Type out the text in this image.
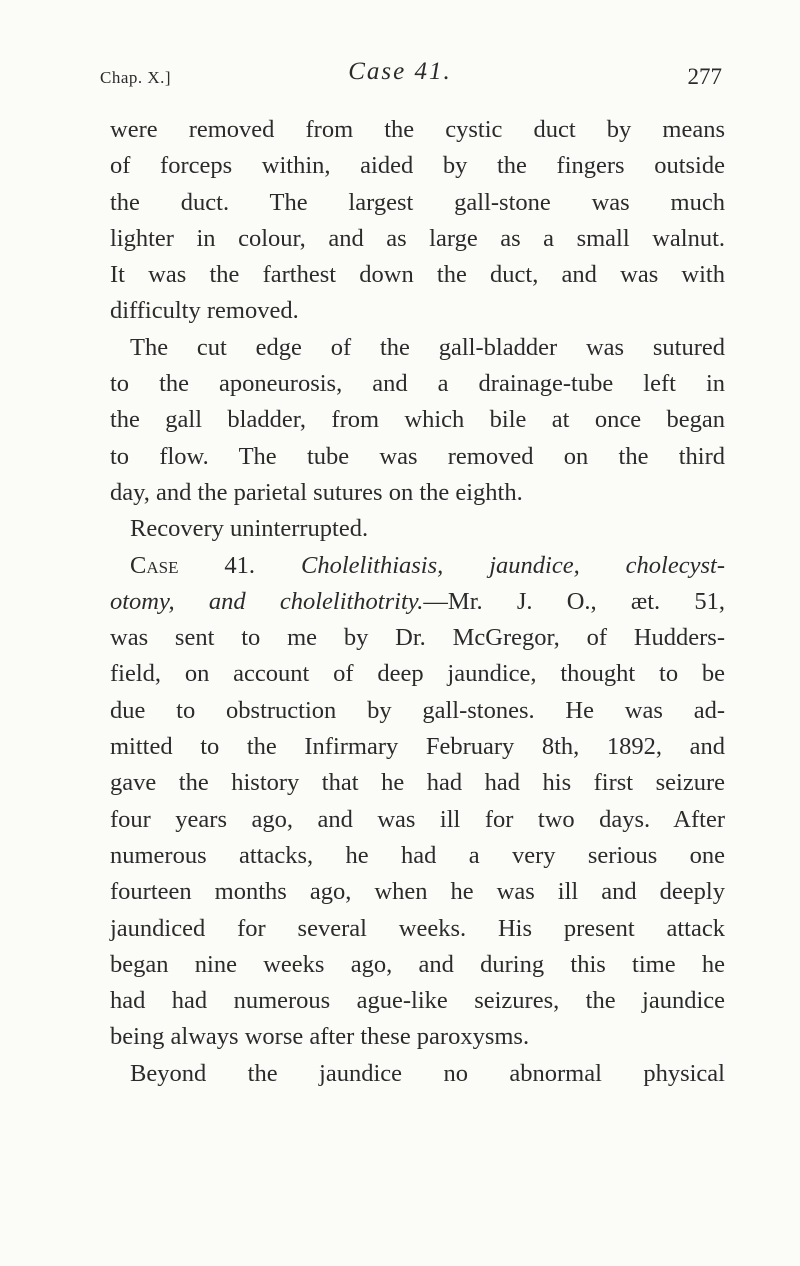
Chap. X.]	Case 41.	277
were removed from the cystic duct by means
of forceps within, aided by the fingers outside
the duct. The largest gall-stone was much
lighter in colour, and as large as a small walnut.
It was the farthest down the duct, and was with
difficulty removed.
The cut edge of the gall-bladder was sutured
to the aponeurosis, and a drainage-tube left in
the gall bladder, from which bile at once began
to flow. The tube was removed on the third
day, and the parietal sutures on the eighth.
Recovery uninterrupted.
Case 41. Cholelithiasis, jaundice, cholecyst-
otomy, and cholelithotrity.—Mr. J. O., æt. 51,
was sent to me by Dr. McGregor, of Hudders-
field, on account of deep jaundice, thought to be
due to obstruction by gall-stones. He was ad-
mitted to the Infirmary February 8th, 1892, and
gave the history that he had had his first seizure
four years ago, and was ill for two days. After
numerous attacks, he had a very serious one
fourteen months ago, when he was ill and deeply
jaundiced for several weeks. His present attack
began nine weeks ago, and during this time he
had had numerous ague-like seizures, the jaundice
being always worse after these paroxysms.
Beyond the jaundice no abnormal physical
